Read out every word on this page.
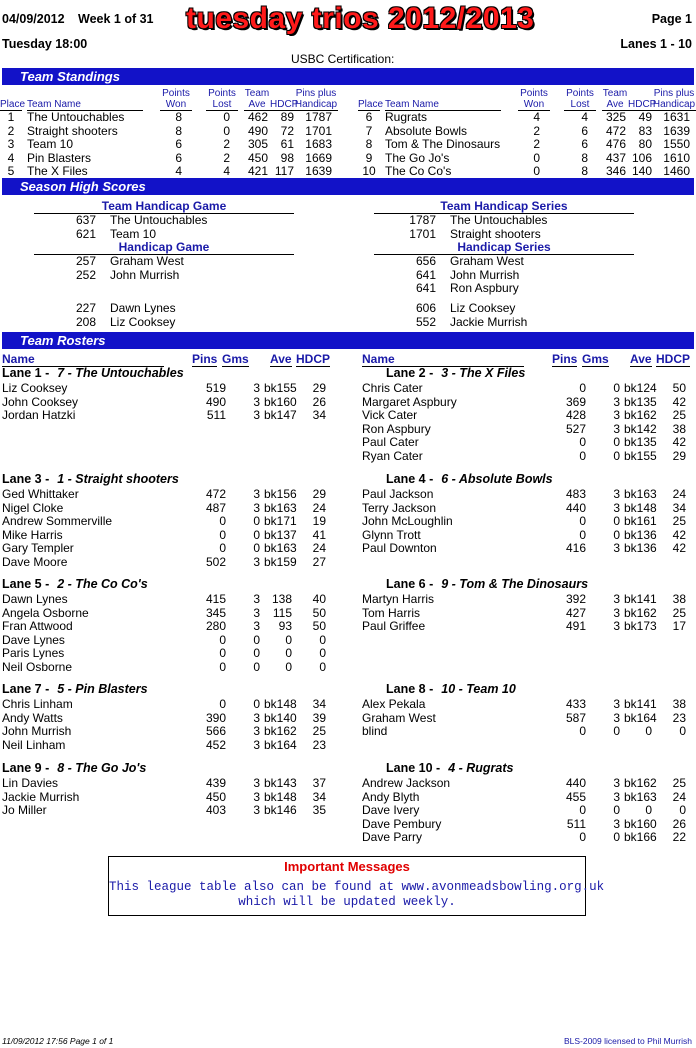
04/09/2012 Week 1 of 31 tuesday trios 2012/2013	Page 1
Tuesday 18:00	Lanes 1 - 10
USBC Certification:
Team Standings
Points
Won
Points
Lost
Team
Ave HDCP
Pins plus
Handicap
Place Team Name
1	The Untouchables	8	0	462	89 1787
2	Straight shooters	8	0	490	72 1701
3	Team 10	6	2	305	61 1683
4	Pin Blasters	6	2	450	98 1669
5	The X Files	4	4	421 117 1639
Points
Won
Points
Lost
Team
Ave HDCP
Pins plus
Handicap
Place Team Name
6	Rugrats	4	4	325	49 1631
7	Absolute Bowls	2	6	472	83 1639
8	Tom & The Dinosaurs	2	6	476	80 1550
9	The Go Jo's	0	8	437 106 1610
10 The Co Co's	0	8	346 140 1460
Season High Scores
Team Handicap Game	Team Handicap Series
Handicap Game	Handicap Series
637 The Untouchables
621 Team 10
1787 The Untouchables
1701 Straight shooters
257 Graham West
252 John Murrish
656 Graham West
641 John Murrish
641 Ron Aspbury
227 Dawn Lynes
208 Liz Cooksey
606 Liz Cooksey
552 Jackie Murrish
Team Rosters
Name	Pins Gms Ave HDCP	Name	Pins Gms Ave HDCP
Lane 1 - 7 - The Untouchables
Liz Cooksey	519	3 bk155	29
John Cooksey	490	3 bk160	26
Jordan Hatzki	511	3 bk147	34
Lane 2 - 3 - The X Files
Chris Cater	0	0 bk124	50
Margaret Aspbury	369	3 bk135	42
Vick Cater	428	3 bk162	25
Ron Aspbury	527	3 bk142	38
Paul Cater	0	0 bk135	42
Ryan Cater	0	0 bk155	29
Lane 3 - 1 - Straight shooters
Ged Whittaker	472	3 bk156	29
Nigel Cloke	487	3 bk163	24
Andrew Sommerville	0	0 bk171	19
Mike Harris	0	0 bk137	41
Gary Templer	0	0 bk163	24
Dave Moore	502	3 bk159	27
Lane 4 - 6 - Absolute Bowls
Paul Jackson	483	3 bk163	24
Terry Jackson	440	3 bk148	34
John McLoughlin	0	0 bk161	25
Glynn Trott	0	0 bk136	42
Paul Downton	416	3 bk136	42
Lane 5 - 2 - The Co Co's
Dawn Lynes	415	3 138	40
Angela Osborne	345	3	115	50
Fran Attwood	280	3	93	50
Dave Lynes	0	0	0	0
Paris Lynes	0	0	0	0
Neil Osborne	0	0	0	0
Lane 6 - 9 - Tom & The Dinosaurs
Martyn Harris	392	3 bk141	38
Tom Harris	427	3 bk162	25
Paul Griffee	491	3 bk173	17
Lane 7 - 5 - Pin Blasters
Chris Linham	0	0 bk148	34
Andy Watts	390	3 bk140	39
John Murrish	566	3 bk162	25
Neil Linham	452	3 bk164	23
Lane 8 - 10 - Team 10
Alex Pekala	433	3 bk141	38
Graham West	587	3 bk164	23
blind	0	0	0	0
Lane 9 - 8 - The Go Jo's
Lin Davies	439	3 bk143	37
Jackie Murrish	450	3 bk148	34
Jo Miller	403	3 bk146	35
Lane 10 - 4 - Rugrats
Andrew Jackson	440	3 bk162	25
Andy Blyth	455	3 bk163	24
Dave Ivery	0	0	0	0
Dave Pembury	511	3 bk160	26
Dave Parry	0	0 bk166	22
Important Messages
This league table also can be found at www.avonmeadsbowling.org.uk
which will be updated weekly.
11/09/2012 17:56 Page 1 of 1	BLS-2009 licensed to Phil Murrish
